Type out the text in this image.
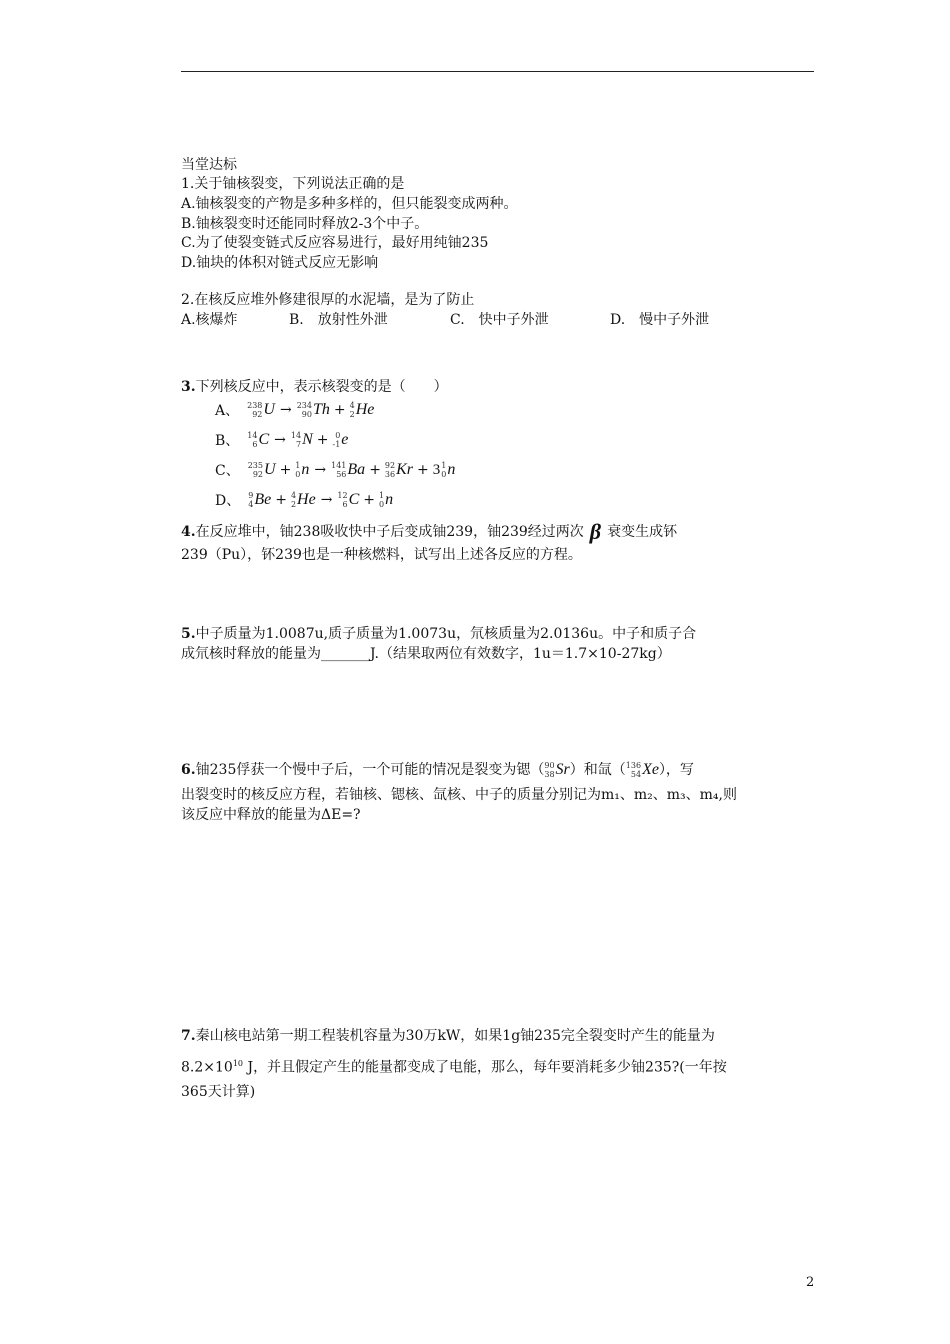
当堂达标
1.关于铀核裂变，下列说法正确的是
A.铀核裂变的产物是多种多样的，但只能裂变成两种。
B.铀核裂变时还能同时释放2-3个中子。
C.为了使裂变链式反应容易进行，最好用纯铀235
D.铀块的体积对链式反应无影响
2.在核反应堆外修建很厚的水泥墙，是为了防止
A.核爆炸	B.　放射性外泄	C.　快中子外泄	D.　慢中子外泄
3.下列核反应中，表示核裂变的是（　　）
A、 238
92 U → 234
90 Th + 4
2 He
B、 14
6 C → 14
7 N + 0
-1 e
C、 235
92 U + 1
0 n → 141
56 Ba + 92
36 Kr + 3 1
0 n
D、 9
4 Be + 4
2 He → 12
6 C + 1
0 n
4. 在反应堆中，铀238吸收快中子后变成铀239，铀239经过两次 β 衰变生成钚
239（Pu），钚239也是一种核燃料，试写出上述各反应的方程。
5.中子质量为1.0087u,质子质量为1.0073u，氘核质量为2.0136u。中子和质子合
成氘核时释放的能量为_______J.（结果取两位有效数字，1u＝1.7×10-27kg）
6. 铀235俘获一个慢中子后，一个可能的情况是裂变为锶（ 90
38 Sr ）和氙（ 136
54 Xe ），写
出裂变时的核反应方程，若铀核、锶核、氙核、中子的质量分别记为m₁、m₂、m₃、m₄,则
该反应中释放的能量为ΔE=?
7.秦山核电站第一期工程装机容量为30万kW，如果1g铀235完全裂变时产生的能量为
$8.2\times 10^{10}$ J，并且假定产生的能量都变成了电能，那么，每年要消耗多少铀235?(一年按
365天计算)
2
